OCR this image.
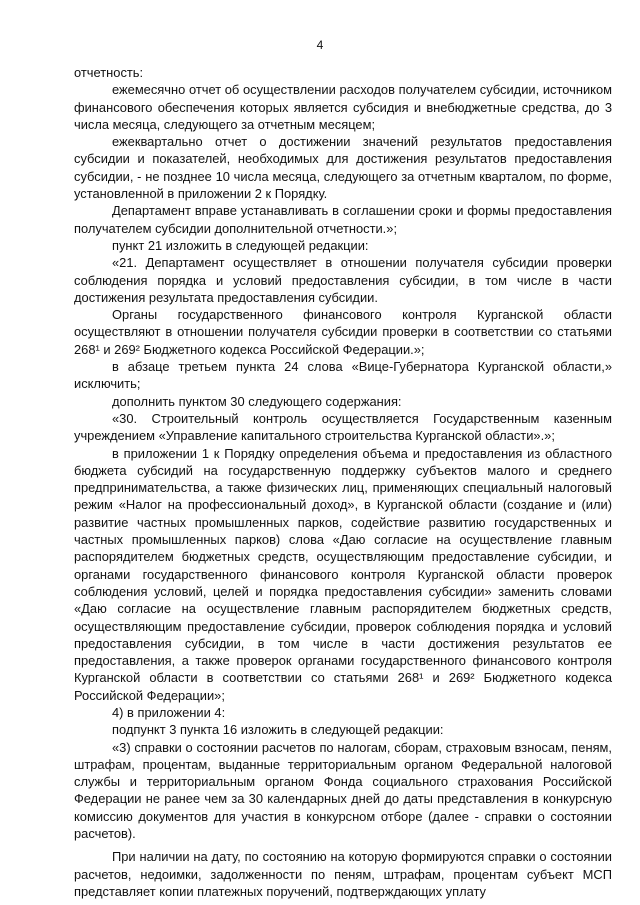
4

отчетность:

ежемесячно отчет об осуществлении расходов получателем субсидии, источником финансового обеспечения которых является субсидия и внебюджетные средства, до 3 числа месяца, следующего за отчетным месяцем;

ежеквартально отчет о достижении значений результатов предоставления субсидии и показателей, необходимых для достижения результатов предоставления субсидии, - не позднее 10 числа месяца, следующего за отчетным кварталом, по форме, установленной в приложении 2 к Порядку.

Департамент вправе устанавливать в соглашении сроки и формы предоставления получателем субсидии дополнительной отчетности.»;

пункт 21 изложить в следующей редакции:

«21. Департамент осуществляет в отношении получателя субсидии проверки соблюдения порядка и условий предоставления субсидии, в том числе в части достижения результата предоставления субсидии.

Органы государственного финансового контроля Курганской области осуществляют в отношении получателя субсидии проверки в соответствии со статьями 268¹ и 269² Бюджетного кодекса Российской Федерации.»;

в абзаце третьем пункта 24 слова «Вице-Губернатора Курганской области,» исключить;

дополнить пунктом 30 следующего содержания:

«30. Строительный контроль осуществляется Государственным казенным учреждением «Управление капитального строительства Курганской области».»;

в приложении 1 к Порядку определения объема и предоставления из областного бюджета субсидий на государственную поддержку субъектов малого и среднего предпринимательства, а также физических лиц, применяющих специальный налоговый режим «Налог на профессиональный доход», в Курганской области (создание и (или) развитие частных промышленных парков, содействие развитию государственных и частных промышленных парков) слова «Даю согласие на осуществление главным распорядителем бюджетных средств, осуществляющим предоставление субсидии, и органами государственного финансового контроля Курганской области проверок соблюдения условий, целей и порядка предоставления субсидии» заменить словами «Даю согласие на осуществление главным распорядителем бюджетных средств, осуществляющим предоставление субсидии, проверок соблюдения порядка и условий предоставления субсидии, в том числе в части достижения результатов ее предоставления, а также проверок органами государственного финансового контроля Курганской области в соответствии со статьями 268¹ и 269² Бюджетного кодекса Российской Федерации»;

4) в приложении 4:

подпункт 3 пункта 16 изложить в следующей редакции:

«3) справки о состоянии расчетов по налогам, сборам, страховым взносам, пеням, штрафам, процентам, выданные территориальным органом Федеральной налоговой службы и территориальным органом Фонда социального страхования Российской Федерации не ранее чем за 30 календарных дней до даты представления в конкурсную комиссию документов для участия в конкурсном отборе (далее - справки о состоянии расчетов).

При наличии на дату, по состоянию на которую формируются справки о состоянии расчетов, недоимки, задолженности по пеням, штрафам, процентам субъект МСП представляет копии платежных поручений, подтверждающих уплату
